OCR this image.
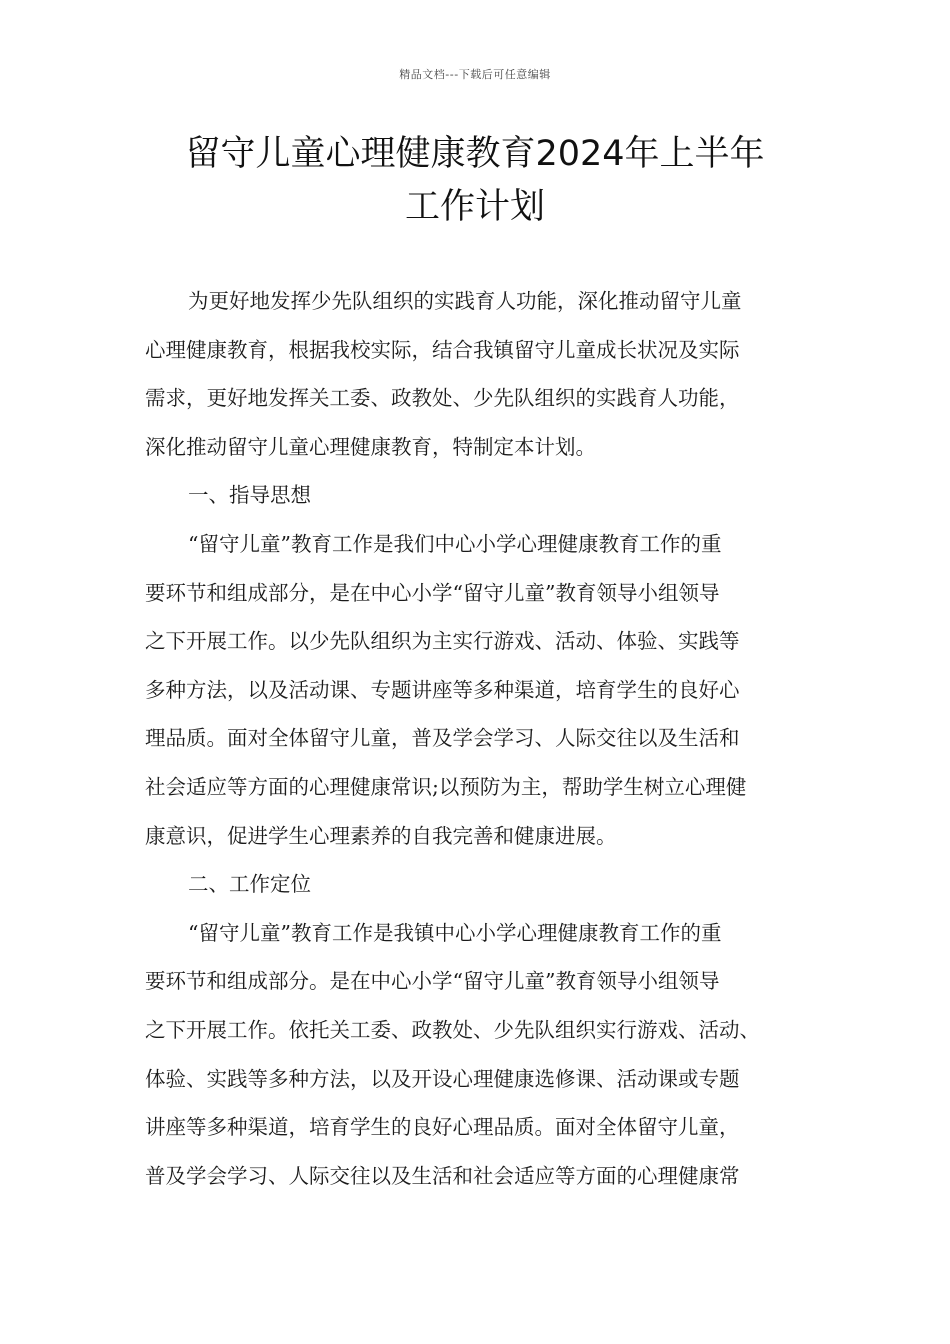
精品文档---下载后可任意编辑
留守儿童心理健康教育2024年上半年
工作计划
为更好地发挥少先队组织的实践育人功能，深化推动留守儿童
心理健康教育，根据我校实际，结合我镇留守儿童成长状况及实际
需求，更好地发挥关工委、政教处、少先队组织的实践育人功能，
深化推动留守儿童心理健康教育，特制定本计划。
一、指导思想
“留守儿童”教育工作是我们中心小学心理健康教育工作的重
要环节和组成部分，是在中心小学“留守儿童”教育领导小组领导
之下开展工作。以少先队组织为主实行游戏、活动、体验、实践等
多种方法，以及活动课、专题讲座等多种渠道，培育学生的良好心
理品质。面对全体留守儿童，普及学会学习、人际交往以及生活和
社会适应等方面的心理健康常识;以预防为主，帮助学生树立心理健
康意识，促进学生心理素养的自我完善和健康进展。
二、工作定位
“留守儿童”教育工作是我镇中心小学心理健康教育工作的重
要环节和组成部分。是在中心小学“留守儿童”教育领导小组领导
之下开展工作。依托关工委、政教处、少先队组织实行游戏、活动、
体验、实践等多种方法，以及开设心理健康选修课、活动课或专题
讲座等多种渠道，培育学生的良好心理品质。面对全体留守儿童，
普及学会学习、人际交往以及生活和社会适应等方面的心理健康常
